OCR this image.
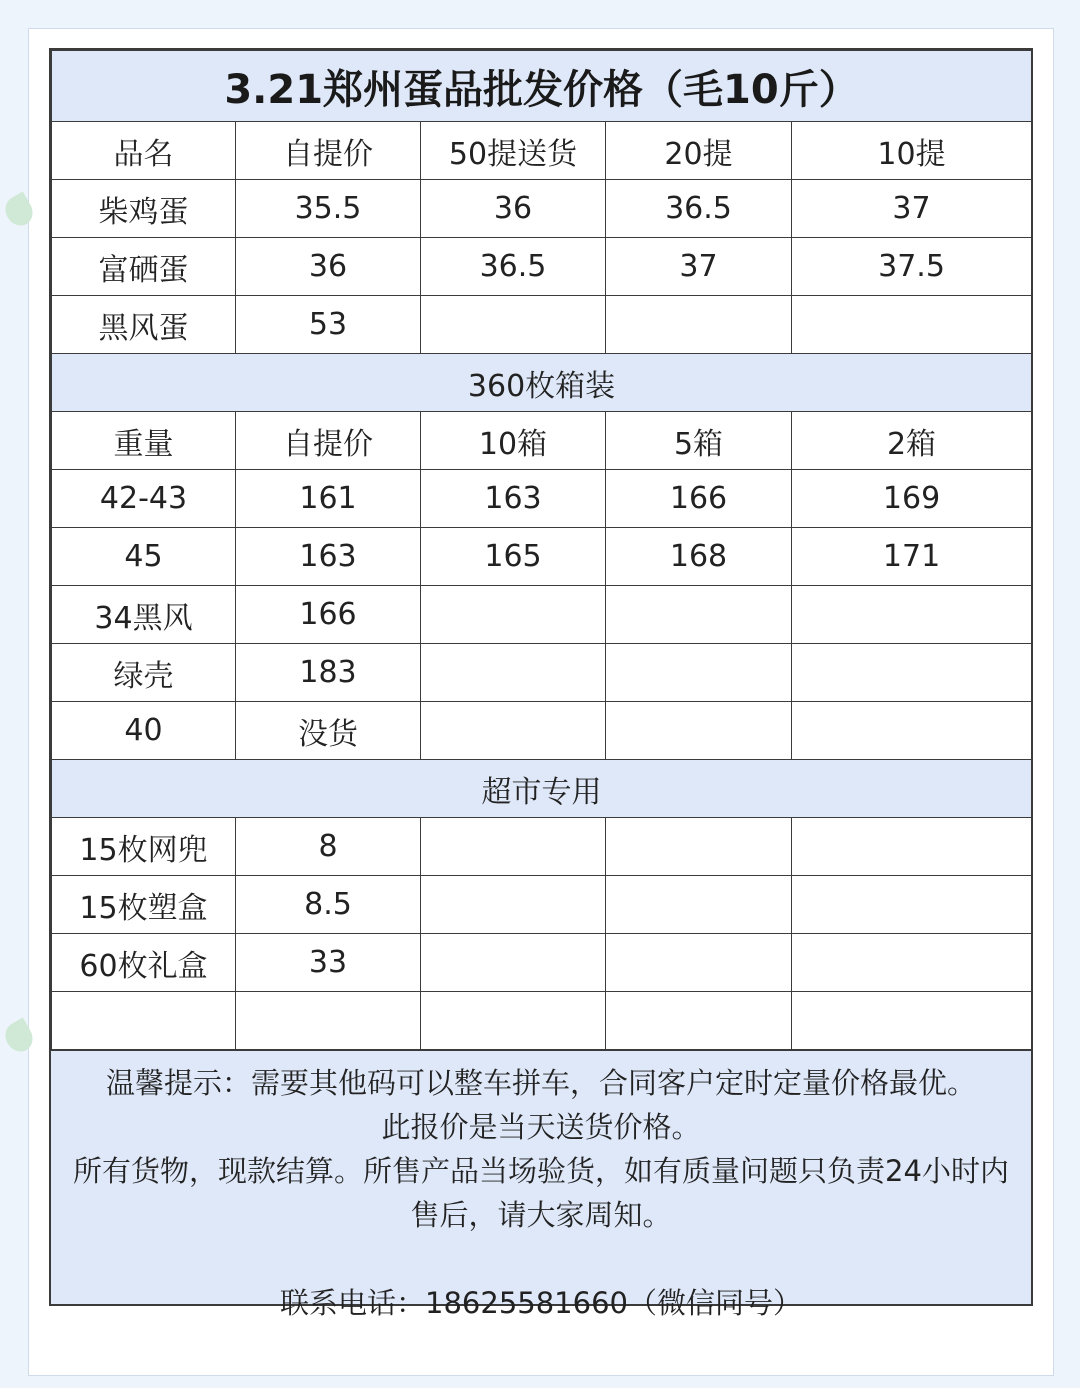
3.21郑州蛋品批发价格（毛10斤）				
品名	自提价	50提送货	20提	10提
柴鸡蛋	35.5	36	36.5	37
富硒蛋	36	36.5	37	37.5
黑风蛋	53			
360枚箱装				
重量	自提价	10箱	5箱	2箱
42-43	161	163	166	169
45	163	165	168	171
34黑风	166			
绿壳	183			
40	没货			
超市专用				
15枚网兜	8			
15枚塑盒	8.5			
60枚礼盒	33			

温馨提示：需要其他码可以整车拼车，合同客户定时定量价格最优。

此报价是当天送货价格。

所有货物，现款结算。所售产品当场验货，如有质量问题只负责24小时内售后，请大家周知。

联系电话：18625581660（微信同号）
